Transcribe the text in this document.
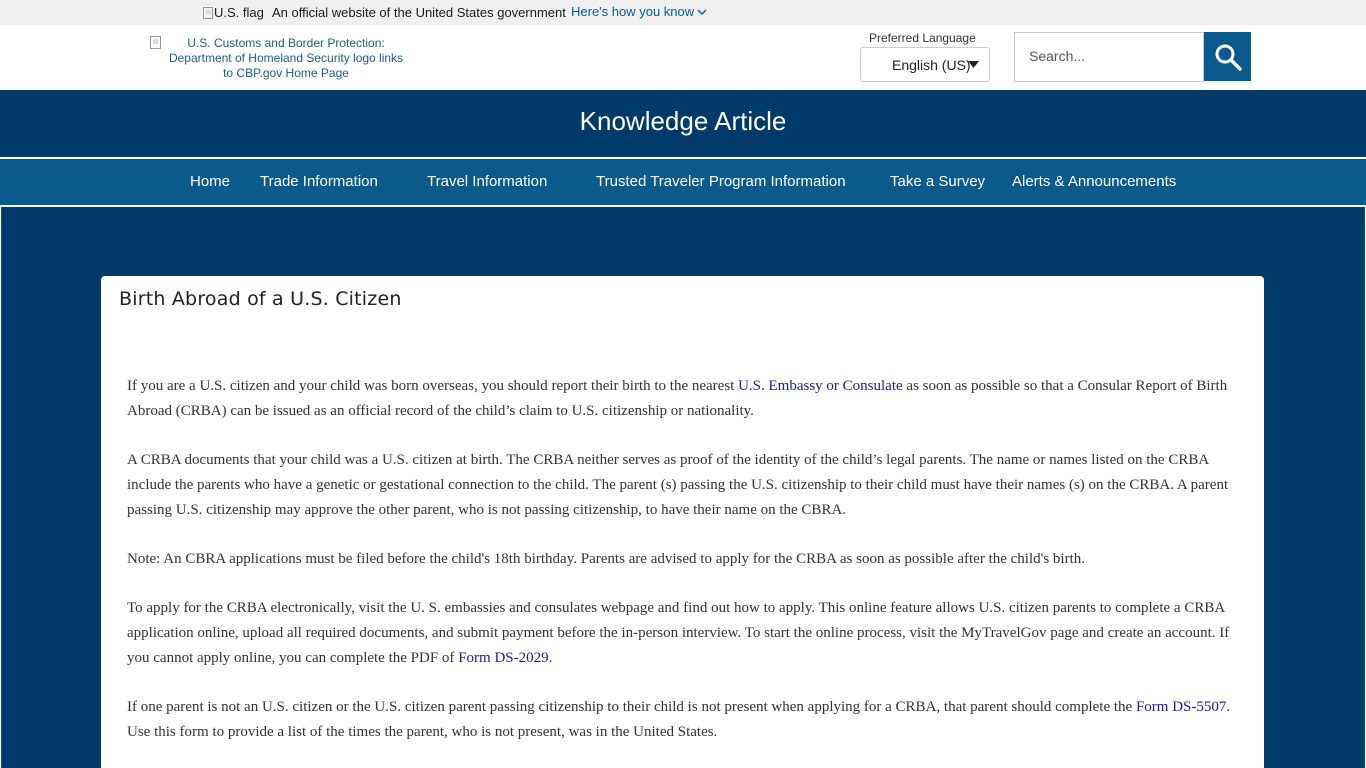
U.S. flag An official website of the United States government Here's how you know
U.S. Customs and Border Protection:
Department of Homeland Security logo links
to CBP.gov Home Page
Preferred Language
English (US)
Search...
Knowledge Article
Home Trade Information	Travel Information	Trusted Traveler Program Information	Take a Survey Alerts & Announcements
Birth Abroad of a U.S. Citizen

If you are a U.S. citizen and your child was born overseas, you should report their birth to the nearest U.S. Embassy or Consulate as soon as possible so that a Consular Report of Birth Abroad (CRBA) can be issued as an official record of the child’s claim to U.S. citizenship or nationality.

A CRBA documents that your child was a U.S. citizen at birth. The CRBA neither serves as proof of the identity of the child’s legal parents. The name or names listed on the CRBA include the parents who have a genetic or gestational connection to the child. The parent (s) passing the U.S. citizenship to their child must have their names (s) on the CRBA. A parent passing U.S. citizenship may approve the other parent, who is not passing citizenship, to have their name on the CBRA.

Note: An CBRA applications must be filed before the child's 18th birthday. Parents are advised to apply for the CRBA as soon as possible after the child's birth.

To apply for the CRBA electronically, visit the U. S. embassies and consulates webpage and find out how to apply. This online feature allows U.S. citizen parents to complete a CRBA application online, upload all required documents, and submit payment before the in-person interview. To start the online process, visit the MyTravelGov page and create an account. If you cannot apply online, you can complete the PDF of Form DS-2029.

If one parent is not an U.S. citizen or the U.S. citizen parent passing citizenship to their child is not present when applying for a CRBA, that parent should complete the Form DS-5507. Use this form to provide a list of the times the parent, who is not present, was in the United States.
